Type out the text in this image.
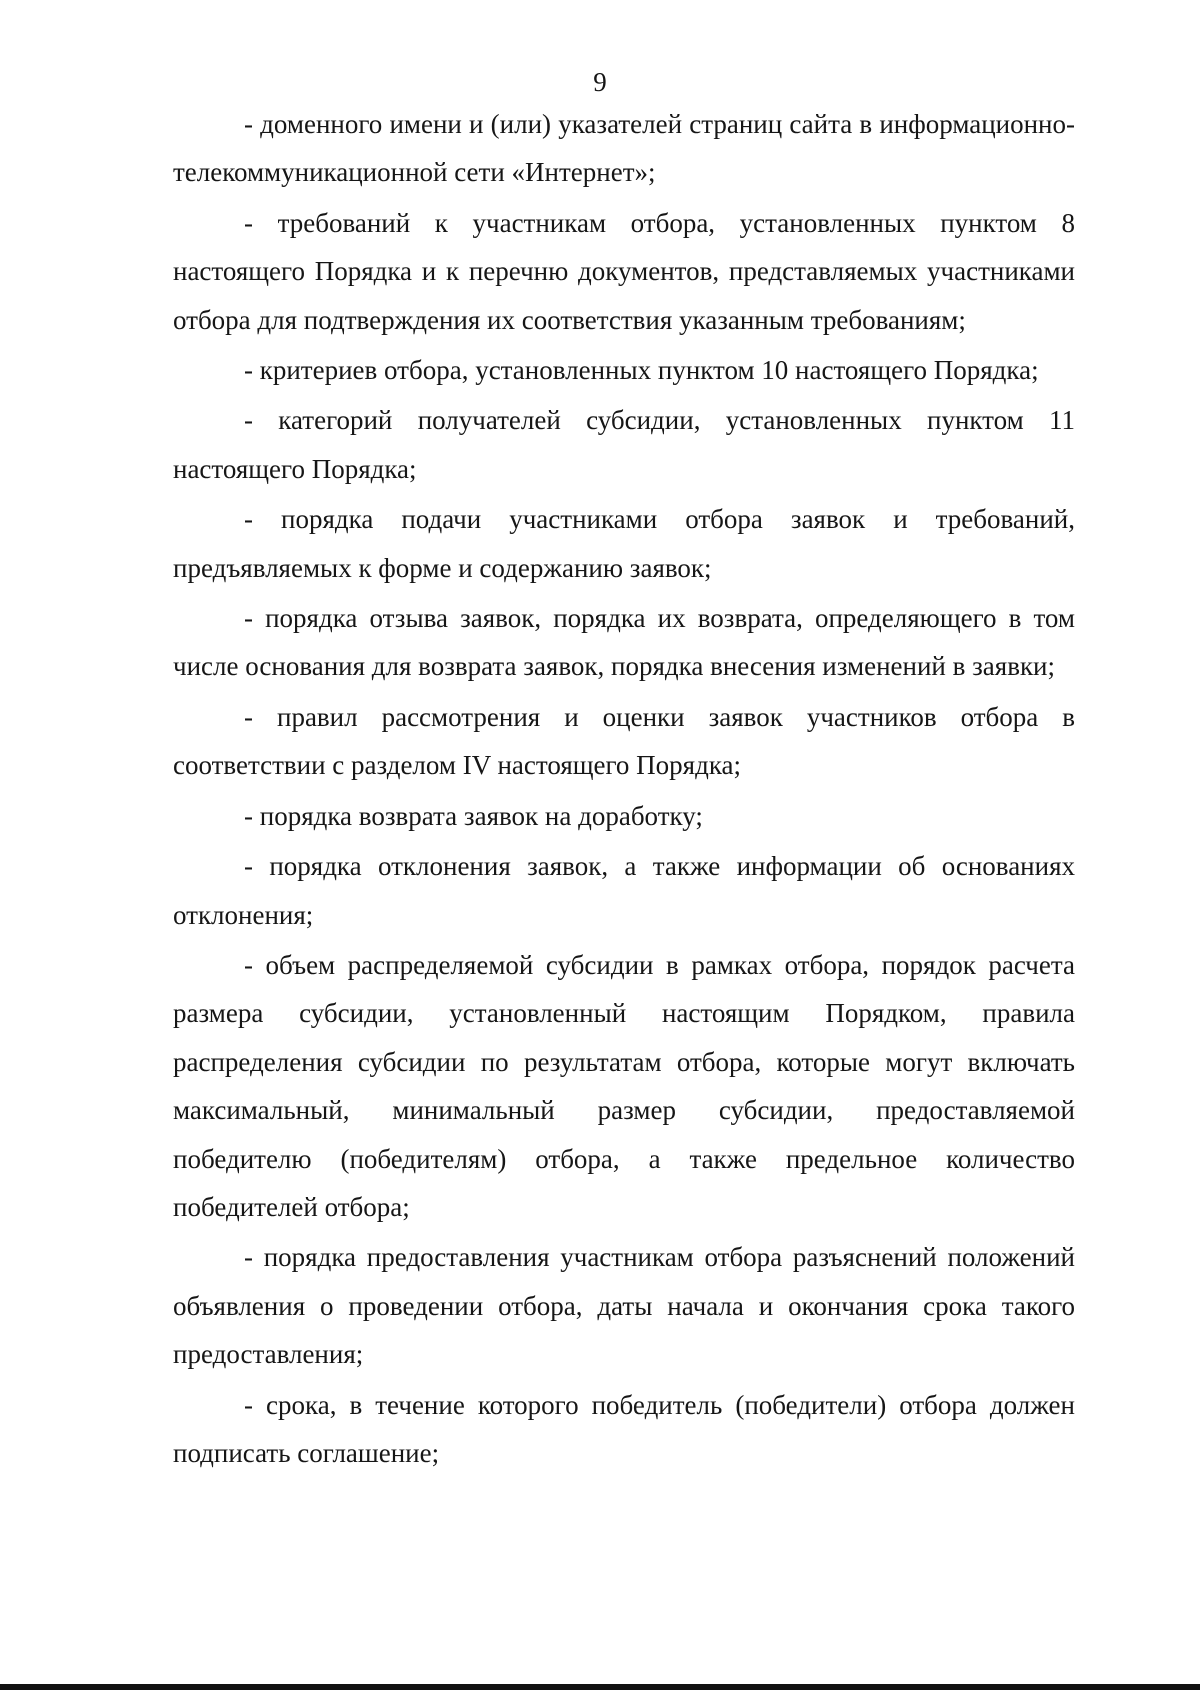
9

- доменного имени и (или) указателей страниц сайта в информационно-телекоммуникационной сети «Интернет»;

- требований к участникам отбора, установленных пунктом 8 настоящего Порядка и к перечню документов, представляемых участниками отбора для подтверждения их соответствия указанным требованиям;

- критериев отбора, установленных пунктом 10 настоящего Порядка;

- категорий получателей субсидии, установленных пунктом 11 настоящего Порядка;

- порядка подачи участниками отбора заявок и требований, предъявляемых к форме и содержанию заявок;

- порядка отзыва заявок, порядка их возврата, определяющего в том числе основания для возврата заявок, порядка внесения изменений в заявки;

- правил рассмотрения и оценки заявок участников отбора в соответствии с разделом IV настоящего Порядка;

- порядка возврата заявок на доработку;

- порядка отклонения заявок, а также информации об основаниях отклонения;

- объем распределяемой субсидии в рамках отбора, порядок расчета размера субсидии, установленный настоящим Порядком, правила распределения субсидии по результатам отбора, которые могут включать максимальный, минимальный размер субсидии, предоставляемой победителю (победителям) отбора, а также предельное количество победителей отбора;

- порядка предоставления участникам отбора разъяснений положений объявления о проведении отбора, даты начала и окончания срока такого предоставления;

- срока, в течение которого победитель (победители) отбора должен подписать соглашение;
